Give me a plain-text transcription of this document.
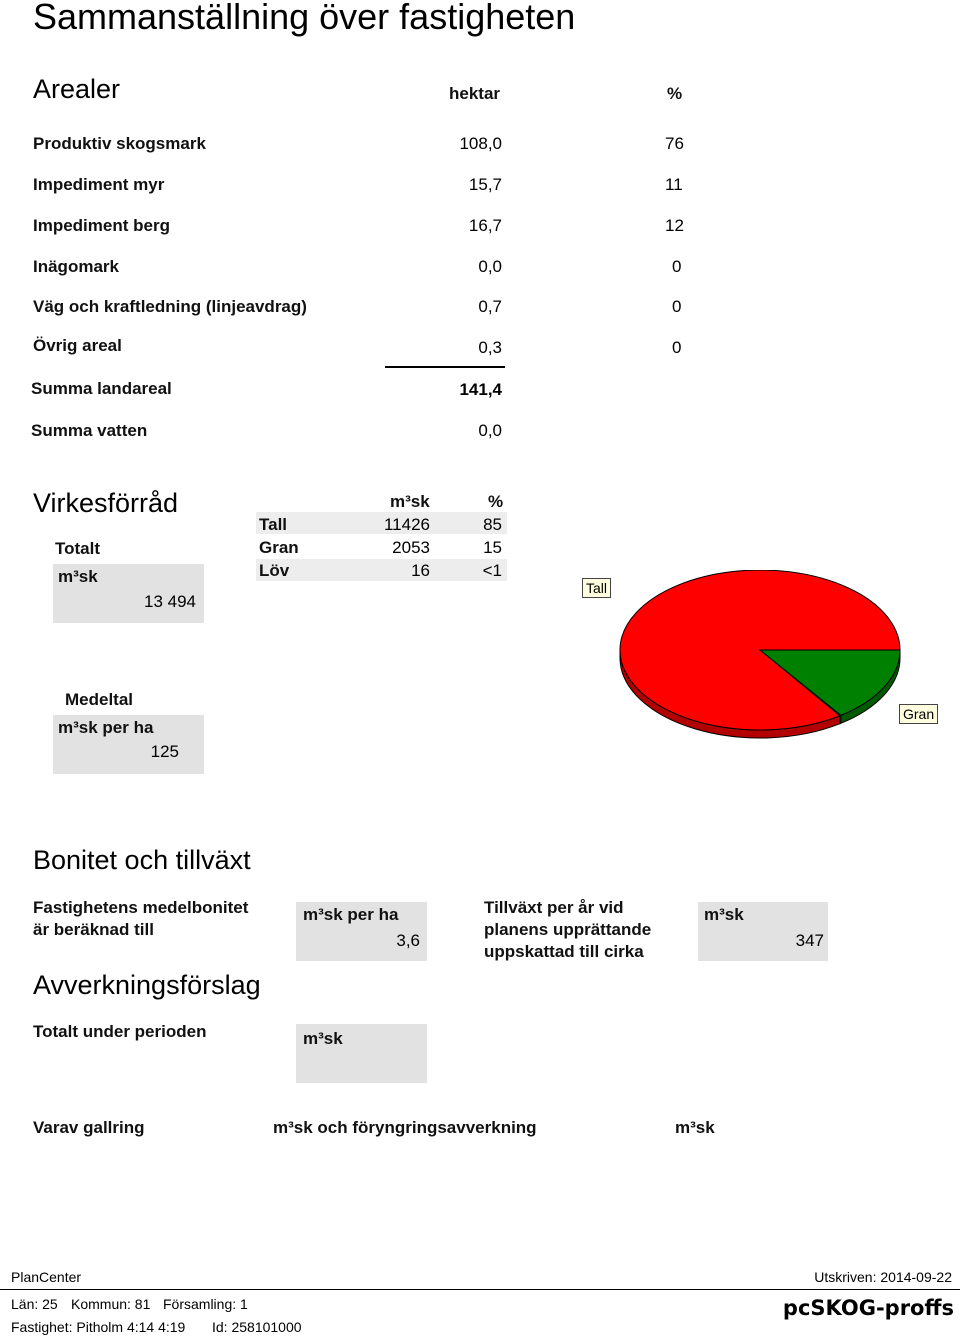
Sammanställning över fastigheten
Arealer	hektar	%
Produktiv skogsmark	108,0	76
Impediment myr	15,7	11
Impediment berg	16,7	12
Inägomark	0,0	0
Väg och kraftledning (linjeavdrag)	0,7	0
Övrig areal	0,3	0
Summa landareal	141,4
Summa vatten	0,0
Virkesförråd
Totalt
m³sk
13 494
m³sk	%
Tall	11426	85
Gran	2053	15
Löv	16	<1
Tall
Gran
Medeltal
m³sk per ha
125
Bonitet och tillväxt
Fastighetens medelbonitet
är beräknad till
m³sk per ha
3,6
Tillväxt per år vid
planens upprättande
uppskattad till cirka
m³sk
347
Avverkningsförslag
Totalt under perioden	m³sk
Varav gallring	m³sk och föryngringsavverkning	m³sk
PlanCenter	Utskriven: 2014-09-22
Län: 25 Kommun: 81 Församling: 1
Fastighet: Pitholm 4:14 4:19 Id: 258101000
pcSKOG-proffs
